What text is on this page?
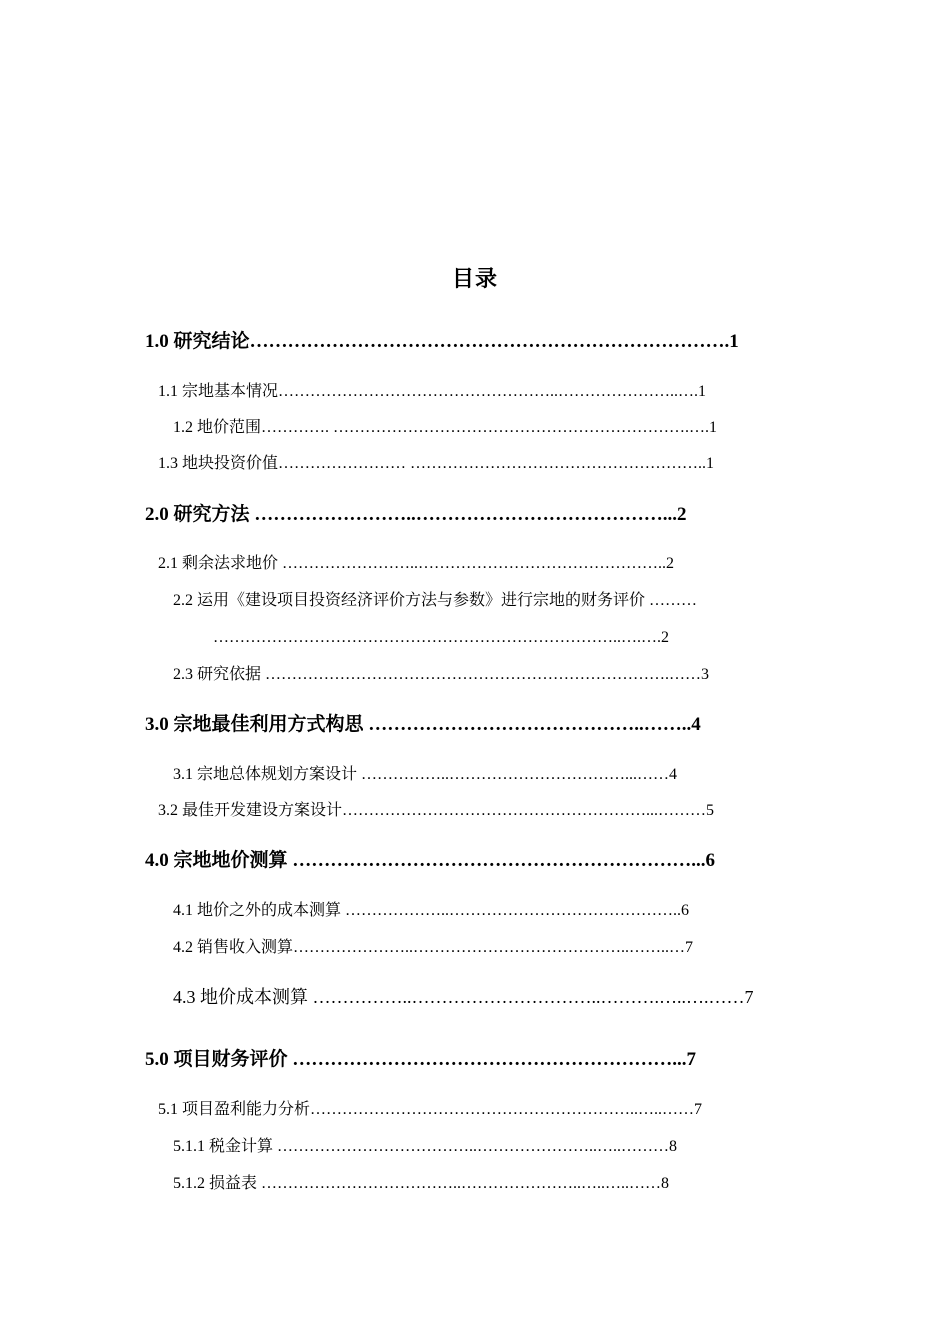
目录
1.0 研究结论………………………………………………………………….1
1.1 宗地基本情况……………………………………………..…………………..….1
1.2 地价范围…………. ………………………………………………………….….1
1.3 地块投资价值…………………… ………………………………………………..1
2.0 研究方法 ……………………..…………………………………...2
2.1 剩余法求地价 ……………………..………………………………………..2
2.2 运用《建设项目投资经济评价方法与参数》进行宗地的财务评价 ………
…………………………………………………………………..….….2
2.3 研究依据 ………………………………………………………………….……3
3.0 宗地最佳利用方式构思 ……………………………………..……..4
3.1 宗地总体规划方案设计 ……………..……………………………...……4
3.2 最佳开发建设方案设计…………………………………………………...………5
4.0 宗地地价测算 ………………………………………………………...6
4.1 地价之外的成本测算 ………………..……………………………………..6
4.2 销售收入测算…………………..…………………………………..……..…7
4.3 地价成本测算 ……………..…………………………..……….…..….……7
5.0 项目财务评价 ……………………………………………………...7
5.1 项目盈利能力分析……………………………………………………..…..……7
5.1.1 税金计算 ………………………………..…………………..…..………8
5.1.2 损益表 ………………………………..…………………..…..…..……8
